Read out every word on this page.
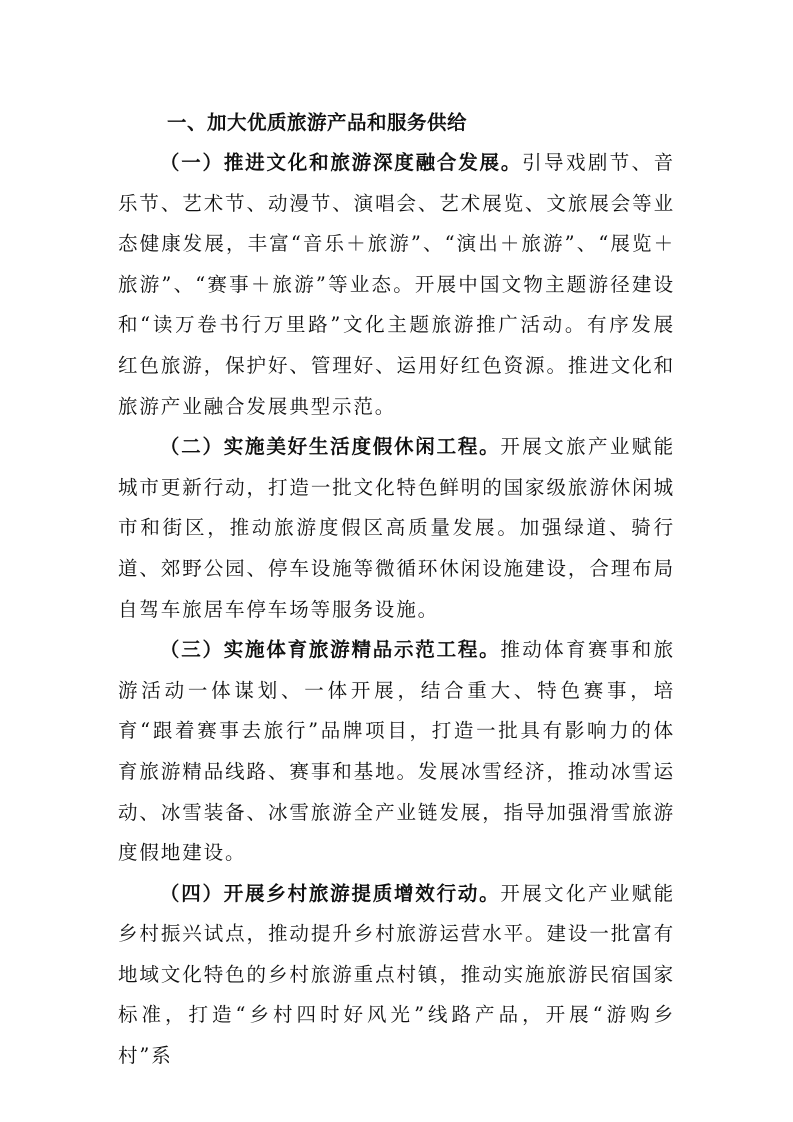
一、加大优质旅游产品和服务供给

（一）推进文化和旅游深度融合发展。引导戏剧节、音乐节、艺术节、动漫节、演唱会、艺术展览、文旅展会等业态健康发展，丰富“音乐＋旅游”、“演出＋旅游”、“展览＋旅游”、“赛事＋旅游”等业态。开展中国文物主题游径建设和“读万卷书行万里路”文化主题旅游推广活动。有序发展红色旅游，保护好、管理好、运用好红色资源。推进文化和旅游产业融合发展典型示范。

（二）实施美好生活度假休闲工程。开展文旅产业赋能城市更新行动，打造一批文化特色鲜明的国家级旅游休闲城市和街区，推动旅游度假区高质量发展。加强绿道、骑行道、郊野公园、停车设施等微循环休闲设施建设，合理布局自驾车旅居车停车场等服务设施。

（三）实施体育旅游精品示范工程。推动体育赛事和旅游活动一体谋划、一体开展，结合重大、特色赛事，培育“跟着赛事去旅行”品牌项目，打造一批具有影响力的体育旅游精品线路、赛事和基地。发展冰雪经济，推动冰雪运动、冰雪装备、冰雪旅游全产业链发展，指导加强滑雪旅游度假地建设。

（四）开展乡村旅游提质增效行动。开展文化产业赋能乡村振兴试点，推动提升乡村旅游运营水平。建设一批富有地域文化特色的乡村旅游重点村镇，推动实施旅游民宿国家标准，打造“乡村四时好风光”线路产品，开展“游购乡村”系
